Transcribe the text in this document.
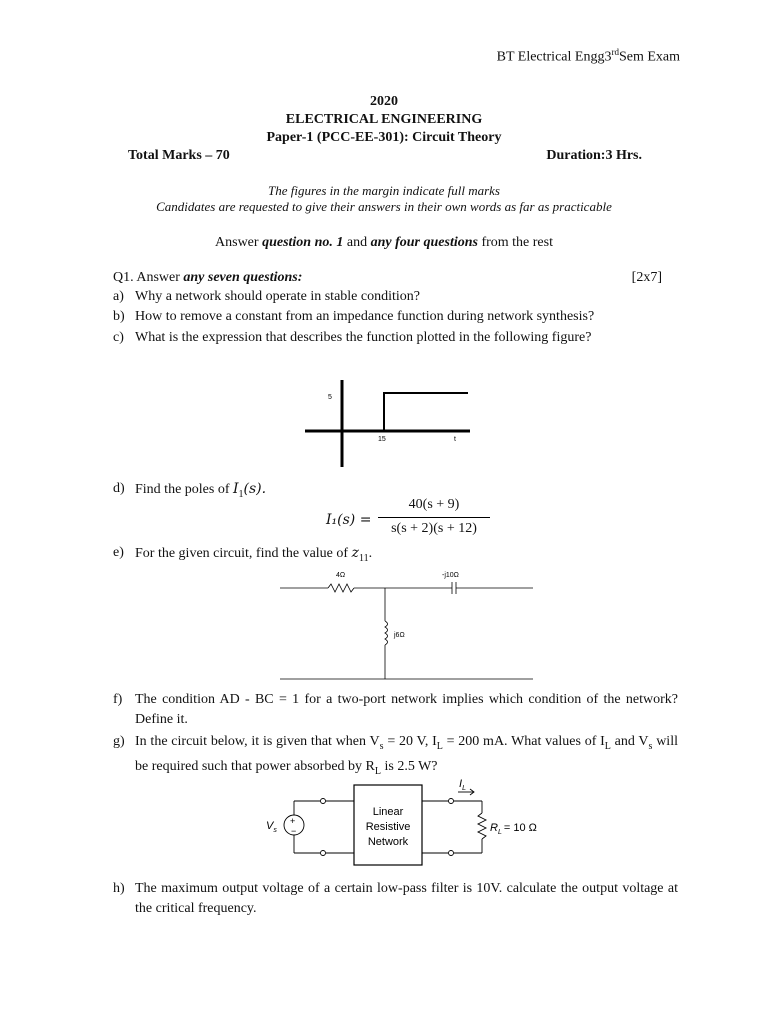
BT Electrical Engg3rdSem Exam
2020
ELECTRICAL ENGINEERING
Paper-1 (PCC-EE-301): Circuit Theory
Total Marks – 70	Duration:3 Hrs.
The figures in the margin indicate full marks
Candidates are requested to give their answers in their own words as far as practicable
Answer question no. 1 and any four questions from the rest
Q1. Answer any seven questions:	[2x7]
a) Why a network should operate in stable condition?
b) How to remove a constant from an impedance function during network synthesis?
c) What is the expression that describes the function plotted in the following figure?
5
15	t
d) Find the poles of $I_1(s)$.
I₁(s) =
40(s + 9)
s(s + 2)(s + 12)
e) For the given circuit, find the value of $z_{11}$.
4Ω	-j10Ω
j6Ω
f) The condition AD - BC = 1 for a two-port network implies which condition of the network? Define it.
g) In the circuit below, it is given that when $V_s = 20$ V, $I_L = 200$ mA. What values of $I_L$ and $V_s$ will be required such that power absorbed by $R_L$ is 2.5 W?
+
−
$V_s$
Linear
Resistive
Network
$I_L$
$R_L = 10$ Ω
h) The maximum output voltage of a certain low-pass filter is 10V. calculate the output voltage at the critical frequency.
